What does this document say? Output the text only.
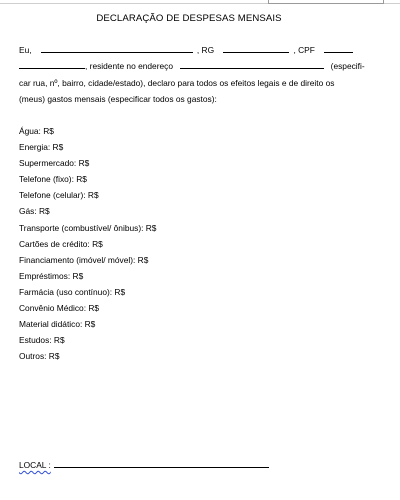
DECLARAÇÃO DE DESPESAS MENSAIS
Eu,	, RG	, CPF
, residente no endereço	(especifi-
car rua, nº, bairro, cidade/estado), declaro para todos os efeitos legais e de direito os
(meus) gastos mensais (especificar todos os gastos):
Água: R$
Energia: R$
Supermercado: R$
Telefone (fixo): R$
Telefone (celular): R$
Gás: R$
Transporte (combustível/ ônibus): R$
Cartões de crédito: R$
Financiamento (imóvel/ móvel): R$
Empréstimos: R$
Farmácia (uso contínuo): R$
Convênio Médico: R$
Material didático: R$
Estudos: R$
Outros: R$
LOCAL :
